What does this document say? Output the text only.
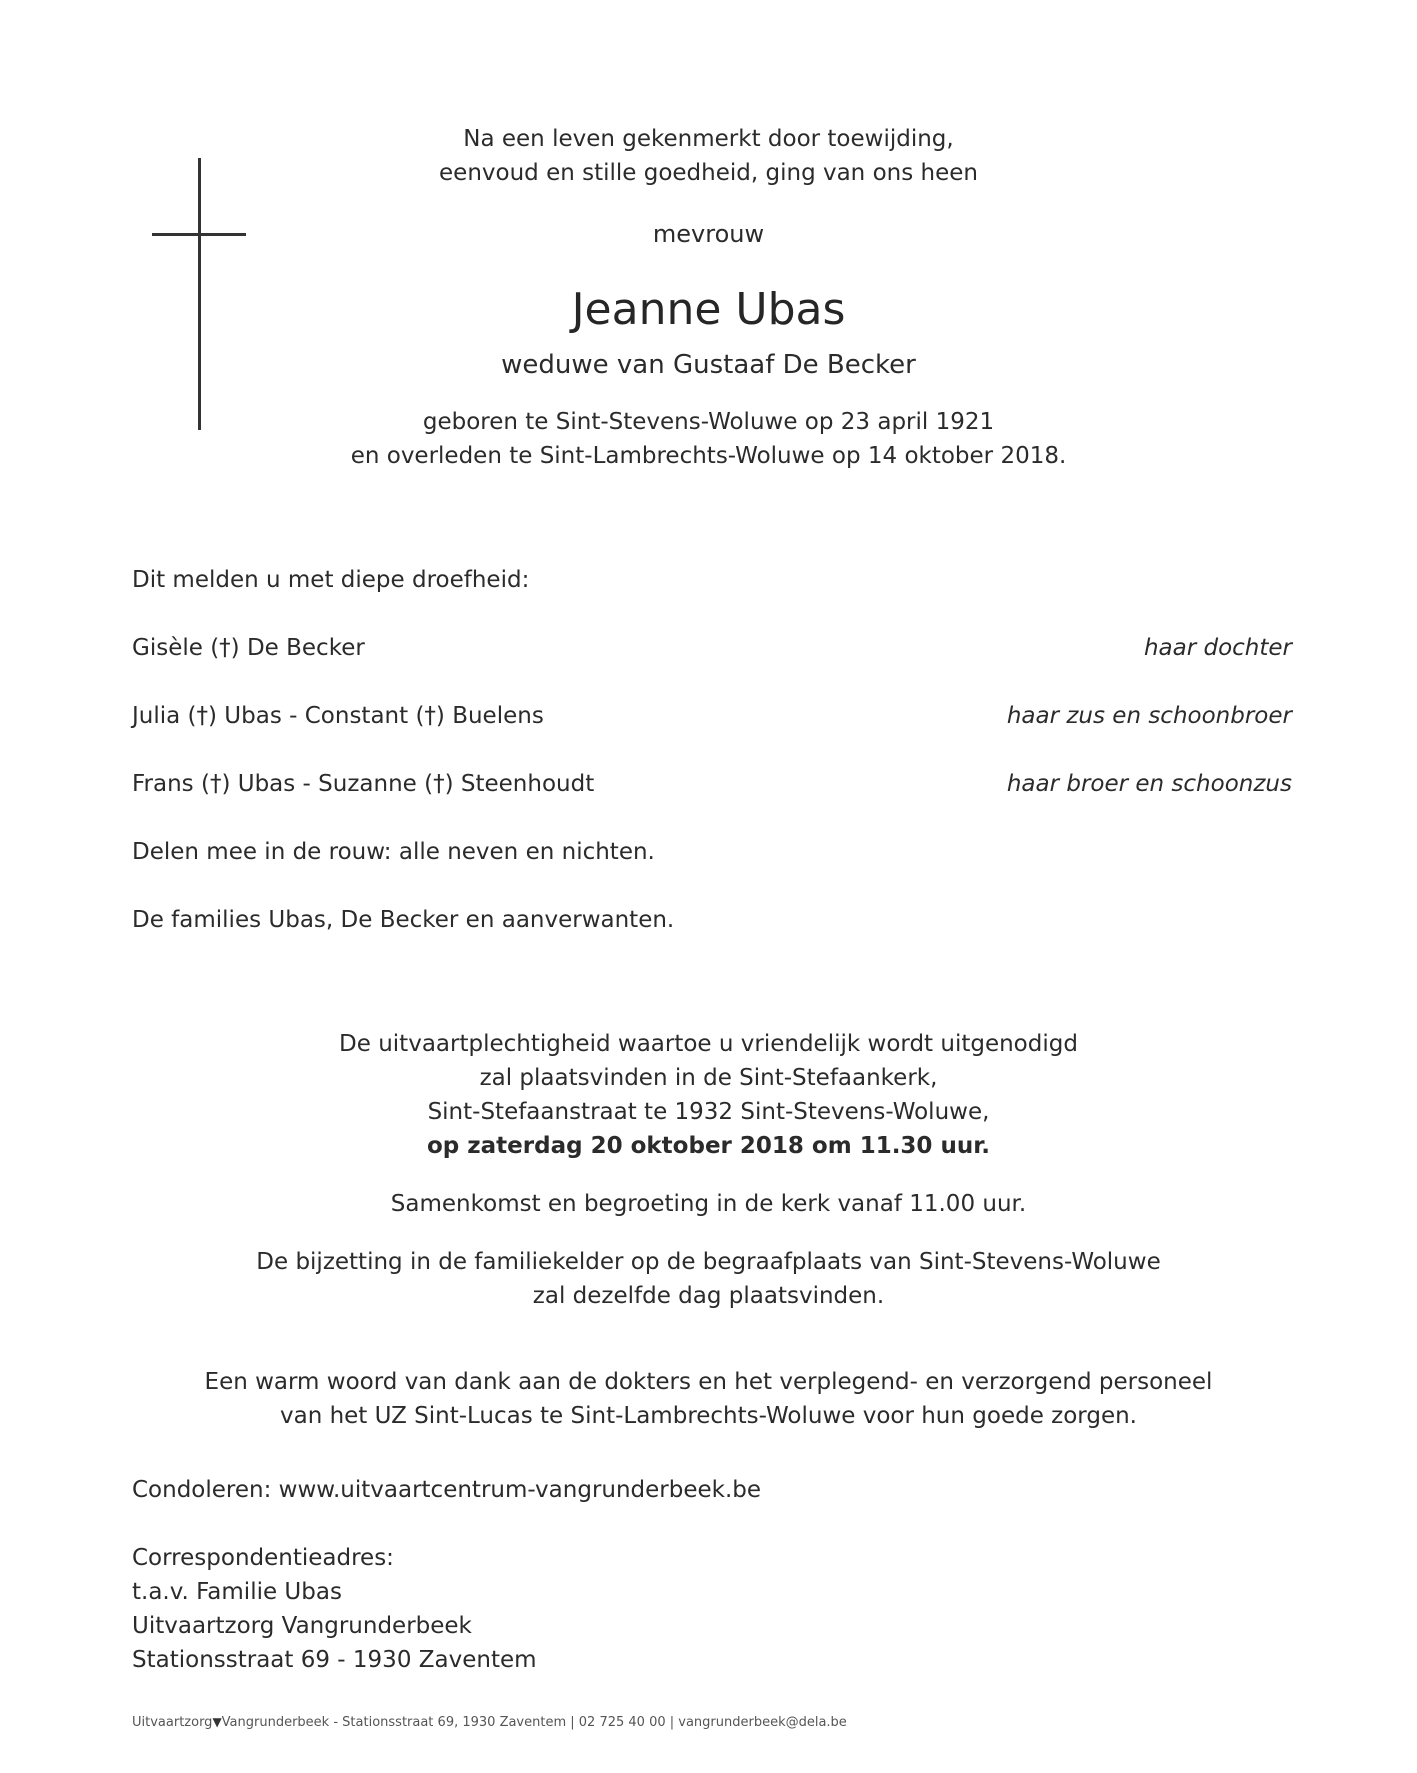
Na een leven gekenmerkt door toewijding,
eenvoud en stille goedheid, ging van ons heen
mevrouw
Jeanne Ubas
weduwe van Gustaaf De Becker
geboren te Sint-Stevens-Woluwe op 23 april 1921
en overleden te Sint-Lambrechts-Woluwe op 14 oktober 2018.
Dit melden u met diepe droefheid:
Gisèle (†) De Becker	haar dochter
Julia (†) Ubas - Constant (†) Buelens	haar zus en schoonbroer
Frans (†) Ubas - Suzanne (†) Steenhoudt	haar broer en schoonzus
Delen mee in de rouw: alle neven en nichten.
De families Ubas, De Becker en aanverwanten.
De uitvaartplechtigheid waartoe u vriendelijk wordt uitgenodigd
zal plaatsvinden in de Sint-Stefaankerk,
Sint-Stefaanstraat te 1932 Sint-Stevens-Woluwe,
op zaterdag 20 oktober 2018 om 11.30 uur.
Samenkomst en begroeting in de kerk vanaf 11.00 uur.
De bijzetting in de familiekelder op de begraafplaats van Sint-Stevens-Woluwe
zal dezelfde dag plaatsvinden.
Een warm woord van dank aan de dokters en het verplegend- en verzorgend personeel
van het UZ Sint-Lucas te Sint-Lambrechts-Woluwe voor hun goede zorgen.
Condoleren: www.uitvaartcentrum-vangrunderbeek.be
Correspondentieadres:
t.a.v. Familie Ubas
Uitvaartzorg Vangrunderbeek
Stationsstraat 69 - 1930 Zaventem
Uitvaartzorg▼Vangrunderbeek - Stationsstraat 69, 1930 Zaventem | 02 725 40 00 | vangrunderbeek@dela.be
